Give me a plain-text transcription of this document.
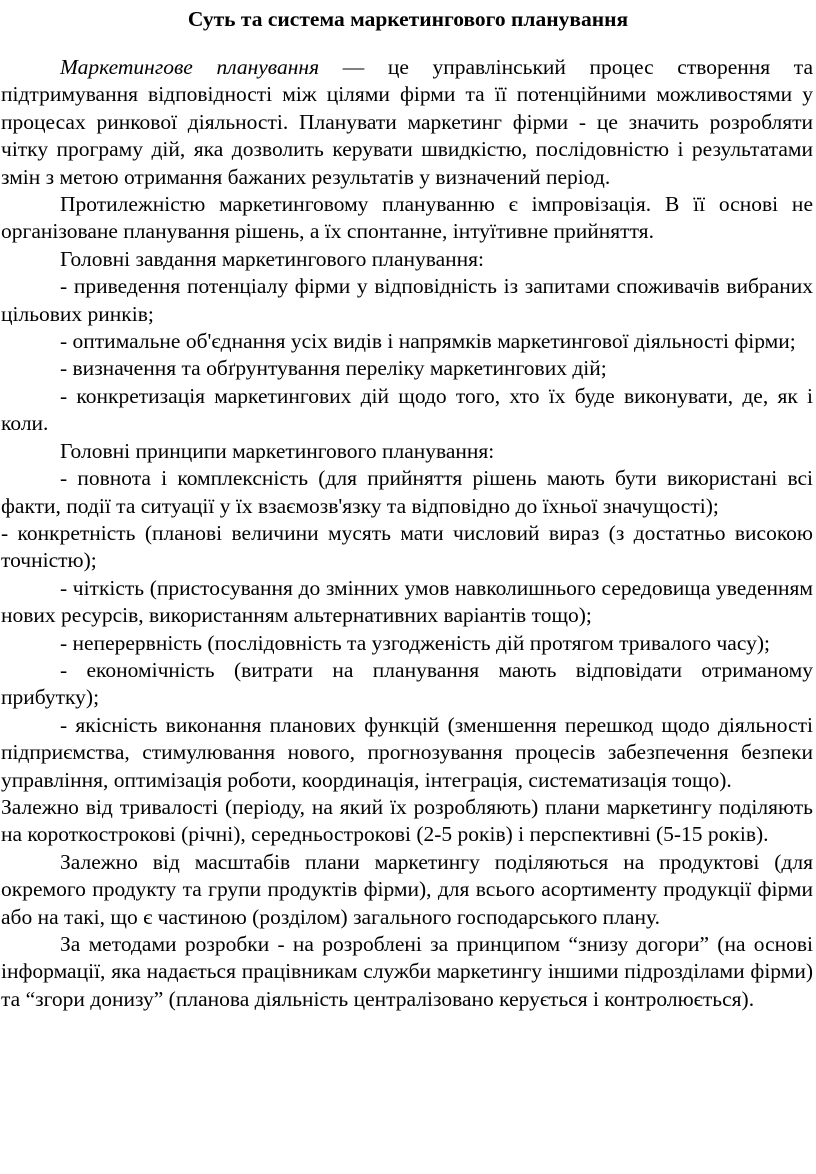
Суть та система маркетингового планування

Маркетингове планування — це управлінський процес створення та підтримування відповідності між цілями фірми та її потенційними можливостями у процесах ринкової діяльності. Планувати маркетинг фірми - це значить розробляти чітку програму дій, яка дозволить керувати швидкістю, послідовністю і результатами змін з метою отримання бажаних результатів у визначений період.

Протилежністю маркетинговому плануванню є імпровізація. В її основі не організоване планування рішень, а їх спонтанне, інтуїтивне прийняття.

Головні завдання маркетингового планування:

- приведення потенціалу фірми у відповідність із запитами споживачів вибраних цільових ринків;

- оптимальне об'єднання усіх видів і напрямків маркетингової діяльності фірми;

- визначення та обґрунтування переліку маркетингових дій;

- конкретизація маркетингових дій щодо того, хто їх буде виконувати, де, як і коли.

Головні принципи маркетингового планування:

- повнота і комплексність (для прийняття рішень мають бути використані всі факти, події та ситуації у їх взаємозв'язку та відповідно до їхньої значущості);

- конкретність (планові величини мусять мати числовий вираз (з достатньо високою точністю);

- чіткість (пристосування до змінних умов навколишнього середовища уведенням нових ресурсів, використанням альтернативних варіантів тощо);

- неперервність (послідовність та узгодженість дій протягом тривалого часу);

- економічність (витрати на планування мають відповідати отриманому прибутку);

- якісність виконання планових функцій (зменшення перешкод щодо діяльності підприємства, стимулювання нового, прогнозування процесів забезпечення безпеки управління, оптимізація роботи, координація, інтеграція, систематизація тощо).

Залежно від тривалості (періоду, на який їх розробляють) плани маркетингу поділяють на короткострокові (річні), середньострокові (2-5 років) і перспективні (5-15 років).

Залежно від масштабів плани маркетингу поділяються на продуктові (для окремого продукту та групи продуктів фірми), для всього асортименту продукції фірми або на такі, що є частиною (розділом) загального господарського плану.

За методами розробки - на розроблені за принципом “знизу догори” (на основі інформації, яка надається працівникам служби маркетингу іншими підрозділами фірми) та “згори донизу” (планова діяльність централізовано керується і контролюється).
